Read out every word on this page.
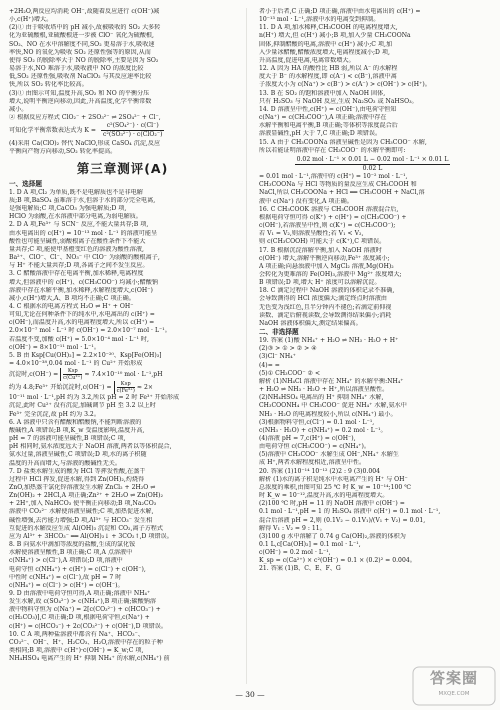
+2H₂O,两反应均消耗 OH⁻,故随着反应进行 c(OH⁻)减

小,c(H⁺)增大。

(2)① 由于吸收塔中的 pH 减小,故被吸收的 SO₂ 大多转

化为亚硫酸根,亚硫酸根进一步被 ClO⁻ 氧化为硫酸根,

SO₂、NO 在水中溶解度不同,SO₂ 更易溶于水,吸收速

率快,NO 的氧化为吸收 SO₂ 还原性强等的原因,从而

使得 SO₂ 的脱除率大于 NO 的脱除率,主要是因为 SO₂

易溶于水,NO 难溶于水,吸收液中 NO 的浓度比较

低,SO₂ 还原性强,吸收剂 NaClO₂ 与其反应速率比较

快,所以 SO₂ 转化率比较高。

(3)① 由图示可知,温度升高,SO₂ 和 NO 的平衡分压

增大,说明平衡逆向移动,因此,升高温度,化学平衡常数

减小。

② 根据反应方程式 ClO₂⁻ + 2SO₃²⁻ ⇌ 2SO₄²⁻ + Cl⁻,

可知化学平衡常数表达式为 K =
c²(SO₄²⁻) · c(Cl⁻)
c²(SO₃²⁻) · c(ClO₂⁻)

(4)采用 Ca(ClO)₂ 替代 NaClO,形成 CaSO₄ 沉淀,反应

平衡向产物方向移动,SO₂ 转化率提高。

第三章测评(A)

一、选择题

1. D A 项,Cl₂ 为单质,既不是电解质也不是非电解

质;B 项,BaSO₄ 虽难溶于水,但溶于水的部分完全电离,

是强电解质;C 项,CaCO₃ 为强电解质;D 项,

HClO 为弱酸,在水溶液中部分电离,为弱电解质。

2. D A 项,Fe³⁺ 与 SCN⁻ 反应,不能大量共存;B 项,

由水电离出的 c(H⁺) = 10⁻¹³ mol · L⁻¹ 的溶液可能呈

酸性也可能呈碱性,弱酸根离子在酸性条件下不能大

量共存;C 项,能使甲基橙变红色的溶液为酸性溶液,

Ba²⁺、ClO⁻、Cl⁻、NO₃⁻ 中 ClO⁻ 为弱酸的酸根离子,

与 H⁺ 不能大量共存;D 项,各离子之间不发生反应。

3. C 醋酸溶液中存在电离平衡,加水稀释,电离程度

增大,但溶液中的 c(H⁺)、c(CH₃COO⁻) 均减小;醋酸钠

溶液中存在水解平衡,加水稀释,水解程度增大,c(OH⁻)

减小,c(H⁺)增大,A、B 项均不正确;C 项正确。

4. C 根据水的电离方程式 H₂O ⇌ H⁺ + OH⁻

可知,无论在何种条件下的纯水中,水电离出的 c(H⁺) =

c(OH⁻),而温度升高,水的电离程度增大,所以 c(H⁺) =

2.0×10⁻⁷ mol · L⁻¹ 时 c(OH⁻) = 2.0×10⁻⁷ mol · L⁻¹。

若温度不变,加酸 c(H⁺) = 5.0×10⁻⁴ mol · L⁻¹ 时,

c(OH⁻) = 8×10⁻¹¹ mol · L⁻¹。

5. B 由 Ksp[Cu(OH)₂] = 2.2×10⁻²⁰、Ksp[Fe(OH)₃]

= 4.0×10⁻³⁸,0.04 mol · L⁻¹ 的 Cu²⁺ 开始形成

沉淀时,c(OH⁻) =	Ksp
c(Cu²⁺) ≈ 7.4×10⁻¹⁰ mol · L⁻¹,pH

约为 4.8;Fe³⁺ 开始沉淀时,c(OH⁻) =	Ksp
c(Fe³⁺) ≈ 2×

10⁻¹¹ mol · L⁻¹,pH 约为 3.2,所以 pH = 2 时 Fe³⁺ 开始形成

沉淀,此时 Cu²⁺ 没有沉淀,加碱调节 pH 至 3.2 以上时

Fe³⁺ 完全沉淀,故 pH 约为 3.2。

6. A 溶液中只含有醋酸和醋酸钠,不能判断溶液的

酸碱性,A 项错误;B 项,K_w 受温度影响,温度升高,

pH = 7 的溶液可能呈碱性,B 项错误;C 项,

pH 相同时,氨水浓度远大于 NaOH 溶液,两者以等体积混合,

氨水过量,溶液呈碱性,C 项错误;D 项,水的离子积随

温度的升高而增大,与溶液的酸碱性无关。

7. D 盐类水解生成的酸为 HCl 等挥发性酸,在蒸干

过程中 HCl 挥发,促进水解,得到 Zn(OH)₂,灼烧得

ZnO,加热蒸干氯化锌溶液发生水解 ZnCl₂ + 2H₂O ⇌

Zn(OH)₂ + 2HCl,A 项正确;Zn²⁺ + 2H₂O ⇌ Zn(OH)₂

+ 2H⁺,加入 NaHCO₃ 使平衡正向移动;B 项,Na₂CO₃

溶液中 CO₃²⁻ 水解使溶液呈碱性;C 项,加热促进水解,

碱性增强,去污能力增强;D 项,Al³⁺ 与 HCO₃⁻ 发生相

互促进的水解反应生成 Al(OH)₃ 沉淀和 CO₂,离子方程式

应为 Al³⁺ + 3HCO₃⁻ ══ Al(OH)₃↓ + 3CO₂↑,D 项错误。

8. B 向氨水中滴加等浓度的盐酸,生成的氯化铵

水解使溶液呈酸性,B 项正确;C 项,A 点溶液中

c(NH₄⁺) > c(Cl⁻),A 项错误;D 项,溶液中

电荷守恒 c(NH₄⁺) + c(H⁺) = c(Cl⁻) + c(OH⁻),

中性时 c(NH₄⁺) = c(Cl⁻),故 pH = 7 时

c(NH₄⁺) = c(Cl⁻) > c(H⁺) = c(OH⁻)。

9. D 由溶液中电荷守恒可得,A 项正确;溶液中 NH₄⁺

发生水解,故 c(SO₄²⁻) > c(NH₄⁺),B 项正确;碳酸钠溶

液中物料守恒为 c(Na⁺) = 2[c(CO₃²⁻) + c(HCO₃⁻) +

c(H₂CO₃)],C 项正确;D 项,根据电荷守恒,c(Na⁺) +

c(H⁺) = c(HCO₃⁻) + 2c(CO₃²⁻) + c(OH⁻),D 项错误。

10. C A 项,两种盐溶液中都含有 Na⁺、HCO₃⁻、

CO₃²⁻、OH⁻、H⁺、H₂CO₃、H₂O,溶液中存在的粒子种

类相同;B 项,溶液中 c(H⁺)·c(OH⁻) = K_w;C 项,

NH₄HSO₄ 电离产生的 H⁺ 抑制 NH₄⁺ 的水解,c(NH₄⁺) 前

者小于后者,C 正确;D 项正确,溶液中由水电离出的 c(H⁺) =

10⁻¹³ mol · L⁻¹,溶液中水的电离受到抑制。

11. D A 项,加水稀释,CH₃COOH 的电离程度增大,

n(H⁺) 增大,但 c(H⁺) 减小;B 项,加入少量 CH₃COONa

固体,抑制醋酸的电离,溶液中 c(H⁺) 减小;C 项,加

入少量冰醋酸,醋酸浓度增大,电离程度减小;D 项,

升高温度,促进电离,电离常数增大。

12. A 因为 HA 的酸性比 HB 弱,所以 A⁻ 的水解程

度大于 B⁻ 的水解程度,即 c(A⁻) < c(B⁻),溶液中离

子浓度大小为 c(Na⁺) > c(B⁻) > c(A⁻) > c(OH⁻) > c(H⁺)。

13. B 在 SO₂ 的饱和溶液中加入 NaOH 固体,

只有 H₂SO₃ 与 NaOH 反应,生成 Na₂SO₃ 或 NaHSO₃。

14. D 溶液呈中性,c(H⁺) = c(OH⁻),由电荷守恒知

c(Na⁺) = c(CH₃COO⁻),A 项正确;溶液中存在

水解平衡和电离平衡,B 项正确;等体积等浓度混合后

溶液显碱性,pH 大于 7,C 项正确;D 项错误。

15. A 由于 CH₃COONa 溶液呈碱性是因为 CH₃COO⁻ 水解,

所以若能证明溶液中存在 CH₃COO⁻ 的水解平衡即可:

0.02 mol · L⁻¹ × 0.01 L − 0.02 mol · L⁻¹ × 0.01 L
0.02 L

= 0.01 mol · L⁻¹,溶液中的 c(H⁺) = 10⁻² mol · L⁻¹,

CH₃COONa 与 HCl 等物质的量反应生成 CH₃COOH 和

NaCl,所以 CH₃COONa + HCl ══ CH₃COOH + NaCl,溶

液中 c(Na⁺) 没有变化,A 项正确。

16. C CH₃COOK 溶液与 CH₃COOH 溶液混合后,

根据电荷守恒可得 c(K⁺) + c(H⁺) = c(CH₃COO⁻) +

c(OH⁻),若溶液呈中性,则 c(K⁺) = c(CH₃COO⁻);

若 V₁ = V₂,则溶液呈酸性;若 V₁ < V₂,

则 c(CH₃COOH) 可能大于 c(K⁺),C 项错误。

17. B 根据沉淀溶解平衡,加入 NaOH 溶液时

c(OH⁻) 增大,溶解平衡逆向移动,Fe³⁺ 浓度减小;

A 项正确;向悬浊液中加入 MgCl₂ 溶液,Mg(OH)₂

会转化为更难溶的 Fe(OH)₃,溶液中 Mg²⁺ 浓度增大;

B 项错误;D 项,增大 H⁺ 浓度可以溶解沉淀。

18. C 滴定过程中 NaOH 溶液的体积记录不准确,

会导致测得的 HCl 浓度偏大;滴定终点时溶液由

无色变为浅红色,且半分钟内不褪色;若滴定前仰视

读数、滴定后俯视读数,会导致测得结果偏小;消耗

NaOH 溶液体积偏大,测定结果偏高。

二、非选择题

19. 答案 (1)酸 NH₄⁺ + H₂O ⇌ NH₃ · H₂O + H⁺

(2)③ > ① > ② > ④

(3)Cl⁻ NH₄⁺

(4)= =

(5)① CH₃COO⁻ ② <

解析 (1)NH₄Cl 溶液中存在 NH₄⁺ 的水解平衡:NH₄⁺

+ H₂O ⇌ NH₃ · H₂O + H⁺,所以溶液呈酸性。

(2)NH₄HSO₄ 电离出的 H⁺ 抑制 NH₄⁺ 水解,

CH₃COONH₄ 中 CH₃COO⁻ 促进 NH₄⁺ 水解,氨水中

NH₃ · H₂O 的电离程度较小,所以 c(NH₄⁺) 最小。

(3)根据物料守恒,c(Cl⁻) = 0.1 mol · L⁻¹,

c(NH₃ · H₂O) + c(NH₄⁺) = 0.2 mol · L⁻¹。

(4)溶液 pH = 7,c(H⁺) = c(OH⁻),

由电荷守恒 c(CH₃COO⁻) = c(NH₄⁺)。

(5)溶液中 CH₃COO⁻ 水解生成 OH⁻,NH₄⁺ 水解生

成 H⁺,两者水解程度相近,溶液呈中性。

20. 答案 (1)10⁻¹⁴ 10⁻¹² (2)2 : 9 (3)0.004

解析 (1)水的离子积是纯水中水电离产生的 H⁺ 与 OH⁻

总浓度的乘积,由图可知 25 ℃ 时 K_w = 10⁻¹⁴;100 ℃

时 K_w = 10⁻¹²,温度升高,水的电离程度增大。

(2)100 ℃ 时,pH = 11 的 NaOH 溶液中 c(OH⁻) =

0.1 mol · L⁻¹,pH = 1 的 H₂SO₄ 溶液中 c(H⁺) = 0.1 mol · L⁻¹,

混合后溶液 pH = 2,则 (0.1V₂ − 0.1V₁)/(V₁ + V₂) = 0.01,

解得 V₁ : V₂ = 9 : 11。

(3)100 g 水中溶解了 0.74 g Ca(OH)₂,溶液的体积为

0.1 L,c[Ca(OH)₂] = 0.1 mol · L⁻¹,

c(OH⁻) = 0.2 mol · L⁻¹,

K_sp = c(Ca²⁺) × c²(OH⁻) = 0.1 × (0.2)² = 0.004。

21. 答案 (1)B、C、E、F、G

答案圈
MXQE.COM
— 30 —
